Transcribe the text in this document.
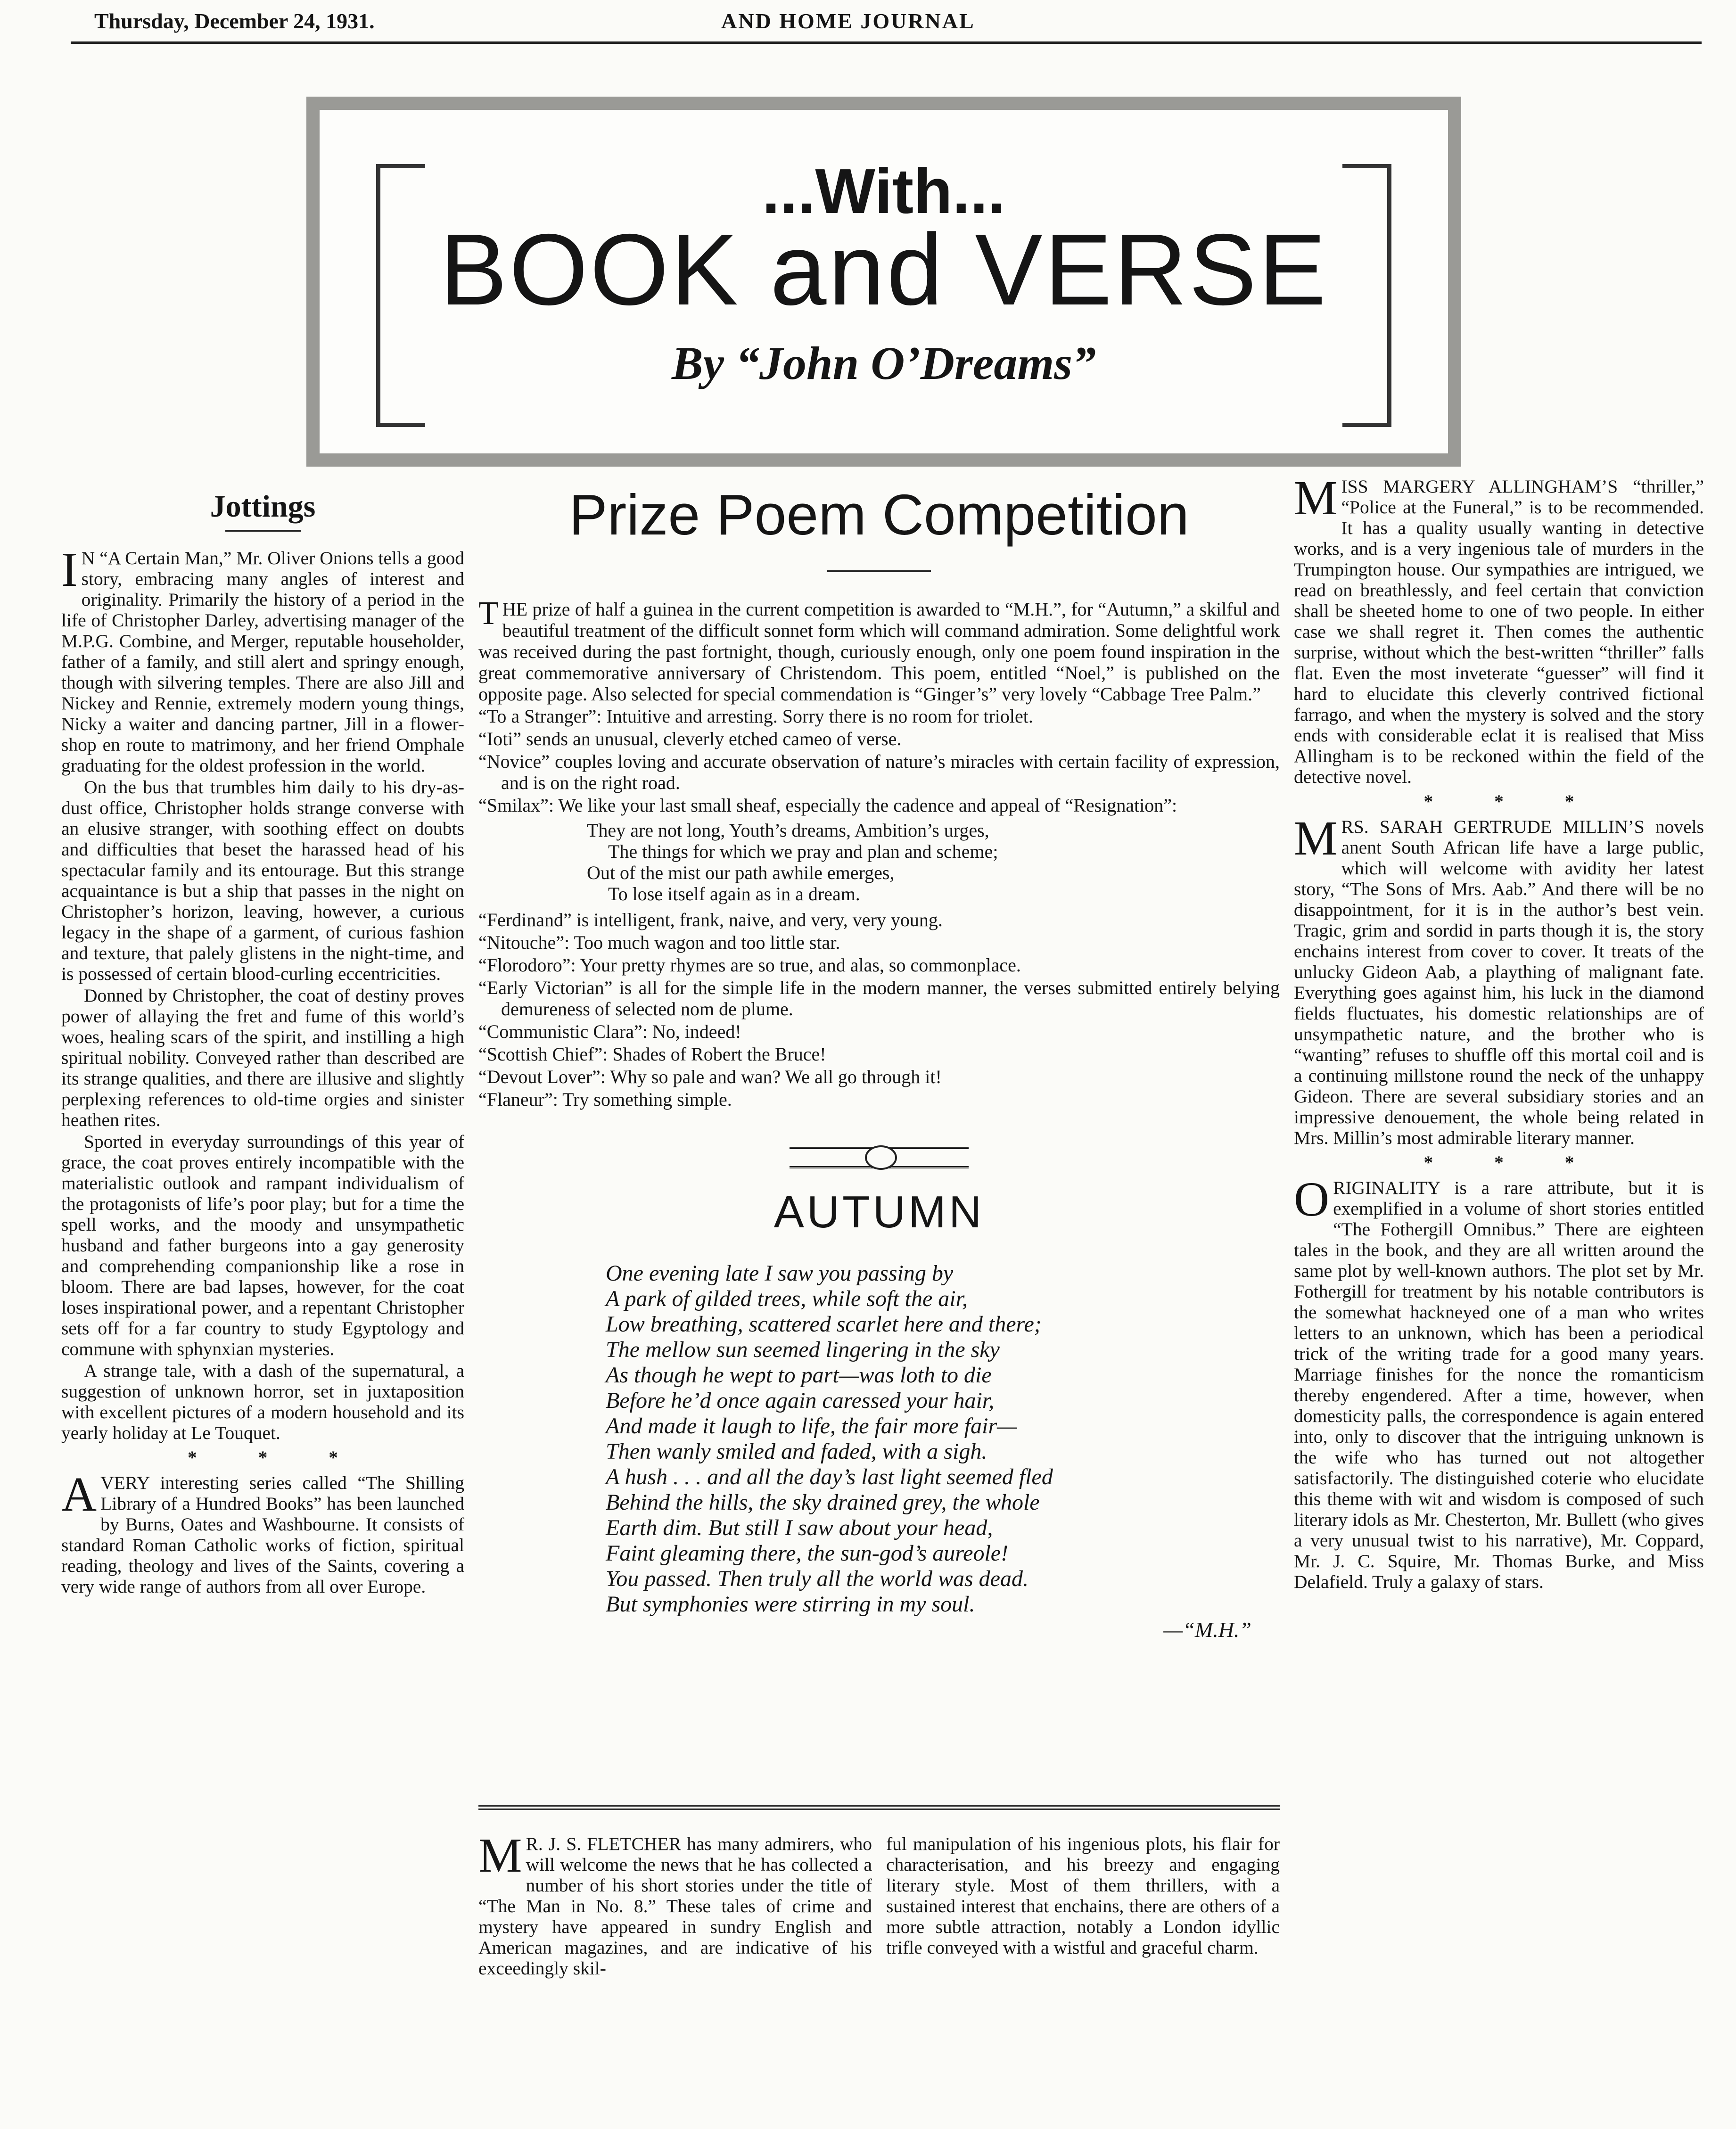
Thursday, December 24, 1931.	AND HOME JOURNAL
...With...
BOOK and VERSE
By “John O’Dreams”
Jottings

I N “A Certain Man,” Mr. Oliver Onions tells a good story, embracing many angles of interest and originality. Primarily the history of a period in the life of Christopher Darley, advertising manager of the M.P.G. Combine, and Merger, reputable householder, father of a family, and still alert and springy enough, though with silvering temples. There are also Jill and Nickey and Rennie, extremely modern young things, Nicky a waiter and dancing partner, Jill in a flower-shop en route to matrimony, and her friend Omphale graduating for the oldest profession in the world.

On the bus that trumbles him daily to his dry-as-dust office, Christopher holds strange converse with an elusive stranger, with soothing effect on doubts and difficulties that beset the harassed head of his spectacular family and its entourage. But this strange acquaintance is but a ship that passes in the night on Christopher’s horizon, leaving, however, a curious legacy in the shape of a garment, of curious fashion and texture, that palely glistens in the night-time, and is possessed of certain blood-curling eccentricities.

Donned by Christopher, the coat of destiny proves power of allaying the fret and fume of this world’s woes, healing scars of the spirit, and instilling a high spiritual nobility. Conveyed rather than described are its strange qualities, and there are illusive and slightly perplexing references to old-time orgies and sinister heathen rites.

Sported in everyday surroundings of this year of grace, the coat proves entirely incompatible with the materialistic outlook and rampant individualism of the protagonists of life’s poor play; but for a time the spell works, and the moody and unsympathetic husband and father burgeons into a gay generosity and comprehending companionship like a rose in bloom. There are bad lapses, however, for the coat loses inspirational power, and a repentant Christopher sets off for a far country to study Egyptology and commune with sphynxian mysteries.

A strange tale, with a dash of the supernatural, a suggestion of unknown horror, set in juxtaposition with excellent pictures of a modern household and its yearly holiday at Le Touquet.

* * *

AVERY interesting series called “The Shilling Library of a Hundred Books” has been launched by Burns, Oates and Washbourne. It consists of standard Roman Catholic works of fiction, spiritual reading, theology and lives of the Saints, covering a very wide range of authors from all over Europe.

Prize Poem Competition

THE prize of half a guinea in the current competition is awarded to “M.H.”, for “Autumn,” a skilful and beautiful treatment of the difficult sonnet form which will command admiration. Some delightful work was received during the past fortnight, though, curiously enough, only one poem found inspiration in the great commemorative anniversary of Christendom. This poem, entitled “Noel,” is published on the opposite page. Also selected for special commendation is “Ginger’s” very lovely “Cabbage Tree Palm.”

“To a Stranger”: Intuitive and arresting. Sorry there is no room for triolet.

“Ioti” sends an unusual, cleverly etched cameo of verse.

“Novice” couples loving and accurate observation of nature’s miracles with certain facility of expression, and is on the right road.

“Smilax”: We like your last small sheaf, especially the cadence and appeal of “Resignation”:

They are not long, Youth’s dreams, Ambition’s urges,
The things for which we pray and plan and scheme;
Out of the mist our path awhile emerges,
To lose itself again as in a dream.

“Ferdinand” is intelligent, frank, naive, and very, very young.

“Nitouche”: Too much wagon and too little star.

“Florodoro”: Your pretty rhymes are so true, and alas, so commonplace.

“Early Victorian” is all for the simple life in the modern manner, the verses submitted entirely belying demureness of selected nom de plume.

“Communistic Clara”: No, indeed!

“Scottish Chief”: Shades of Robert the Bruce!

“Devout Lover”: Why so pale and wan? We all go through it!

“Flaneur”: Try something simple.

AUTUMN
One evening late I saw you passing by
A park of gilded trees, while soft the air,
Low breathing, scattered scarlet here and there;
The mellow sun seemed lingering in the sky
As though he wept to part—was loth to die
Before he’d once again caressed your hair,
And made it laugh to life, the fair more fair—
Then wanly smiled and faded, with a sigh.
A hush . . . and all the day’s last light seemed fled
Behind the hills, the sky drained grey, the whole
Earth dim. But still I saw about your head,
Faint gleaming there, the sun-god’s aureole!
You passed. Then truly all the world was dead.
But symphonies were stirring in my soul.
—“M.H.”

M R. J. S. FLETCHER has many admirers, who will welcome the news that he has collected a number of his short stories under the title of “The Man in No. 8.” These tales of crime and mystery have appeared in sundry English and American magazines, and are indicative of his exceedingly skil-

ful manipulation of his ingenious plots, his flair for characterisation, and his breezy and engaging literary style. Most of them thrillers, with a sustained interest that enchains, there are others of a more subtle attraction, notably a London idyllic trifle conveyed with a wistful and graceful charm.

MISS MARGERY ALLINGHAM’S “thriller,” “Police at the Funeral,” is to be recommended. It has a quality usually wanting in detective works, and is a very ingenious tale of murders in the Trumpington house. Our sympathies are intrigued, we read on breathlessly, and feel certain that conviction shall be sheeted home to one of two people. In either case we shall regret it. Then comes the authentic surprise, without which the best-written “thriller” falls flat. Even the most inveterate “guesser” will find it hard to elucidate this cleverly contrived fictional farrago, and when the mystery is solved and the story ends with considerable eclat it is realised that Miss Allingham is to be reckoned within the field of the detective novel.

* * *

MRS. SARAH GERTRUDE MILLIN’S novels anent South African life have a large public, which will welcome with avidity her latest story, “The Sons of Mrs. Aab.” And there will be no disappointment, for it is in the author’s best vein. Tragic, grim and sordid in parts though it is, the story enchains interest from cover to cover. It treats of the unlucky Gideon Aab, a plaything of malignant fate. Everything goes against him, his luck in the diamond fields fluctuates, his domestic relationships are of unsympathetic nature, and the brother who is “wanting” refuses to shuffle off this mortal coil and is a continuing millstone round the neck of the unhappy Gideon. There are several subsidiary stories and an impressive denouement, the whole being related in Mrs. Millin’s most admirable literary manner.

* * *

ORIGINALITY is a rare attribute, but it is exemplified in a volume of short stories entitled “The Fothergill Omnibus.” There are eighteen tales in the book, and they are all written around the same plot by well-known authors. The plot set by Mr. Fothergill for treatment by his notable contributors is the somewhat hackneyed one of a man who writes letters to an unknown, which has been a periodical trick of the writing trade for a good many years. Marriage finishes for the nonce the romanticism thereby engendered. After a time, however, when domesticity palls, the correspondence is again entered into, only to discover that the intriguing unknown is the wife who has turned out not altogether satisfactorily. The distinguished coterie who elucidate this theme with wit and wisdom is composed of such literary idols as Mr. Chesterton, Mr. Bullett (who gives a very unusual twist to his narrative), Mr. Coppard, Mr. J. C. Squire, Mr. Thomas Burke, and Miss Delafield. Truly a galaxy of stars.
